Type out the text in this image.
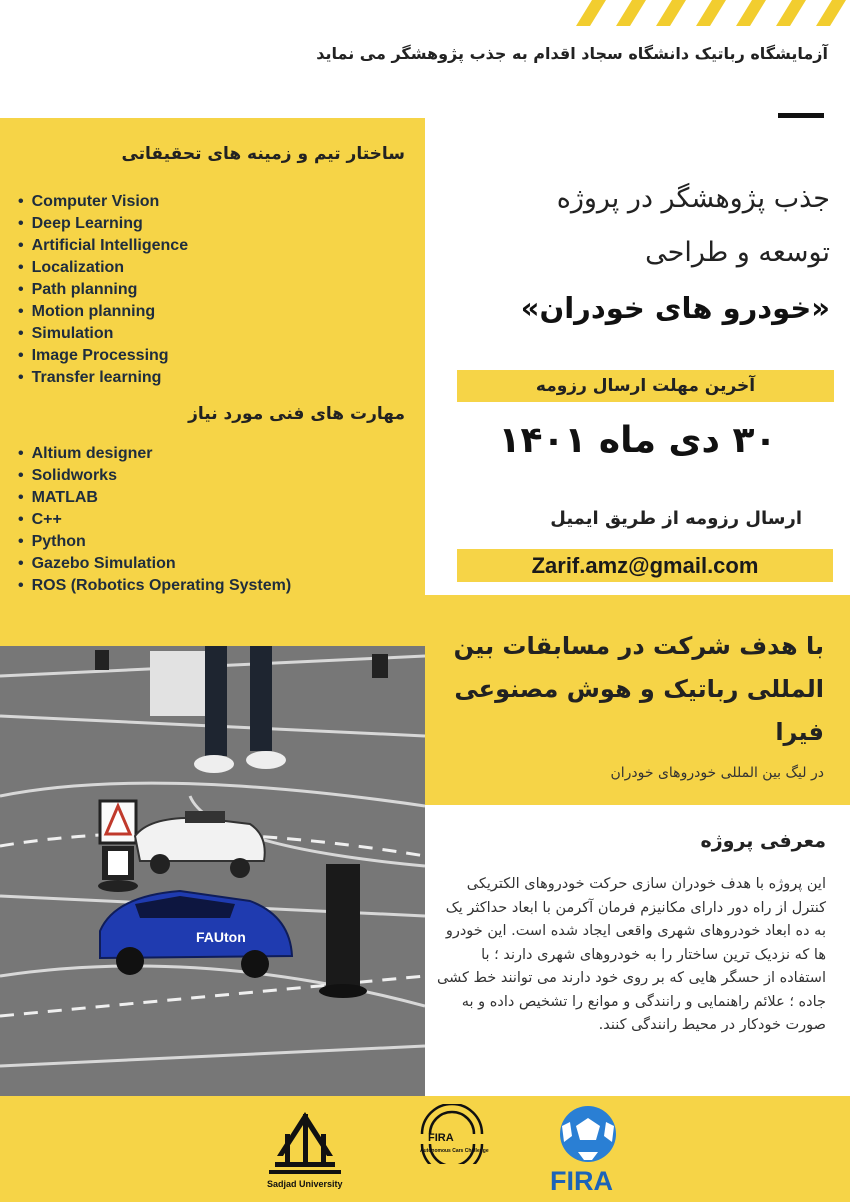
آزمایشگاه رباتیک دانشگاه سجاد اقدام به جذب پژوهشگر می نماید
ساختار تیم و زمینه های تحقیقاتی
• Computer Vision
• Deep Learning
• Artificial Intelligence
• Localization
• Path planning
• Motion planning
• Simulation
• Image Processing
• Transfer learning
مهارت های فنی مورد نیاز
• Altium designer
• Solidworks
• MATLAB
• C++
• Python
• Gazebo Simulation
• ROS (Robotics Operating System)
FAUton
جذب پژوهشگر در پروژه
توسعه و طراحی
«خودرو های خودران»
آخرین مهلت ارسال رزومه
۳۰ دی ماه ۱۴۰۱
ارسال رزومه از طریق ایمیل
Zarif.amz@gmail.com
با هدف شرکت در مسابقات بین المللی رباتیک و هوش مصنوعی فیرا
در لیگ بین المللی خودروهای خودران
معرفی پروژه
این پروژه با هدف خودران سازی حرکت خودروهای الکتریکی کنترل از راه دور دارای مکانیزم فرمان آکرمن با ابعاد حداکثر یک به ده ابعاد خودروهای شهری واقعی ایجاد شده است. این خودرو ها که نزدیک ترین ساختار را به خودروهای شهری دارند ؛ با استفاده از حسگر هایی که بر روی خود دارند می توانند خط کشی جاده ؛ علائم راهنمایی و رانندگی و موانع را تشخیص داده و به صورت خودکار در محیط رانندگی کنند.
Sadjad University
FIRA
Autonomous Cars Challenge
FIRA
